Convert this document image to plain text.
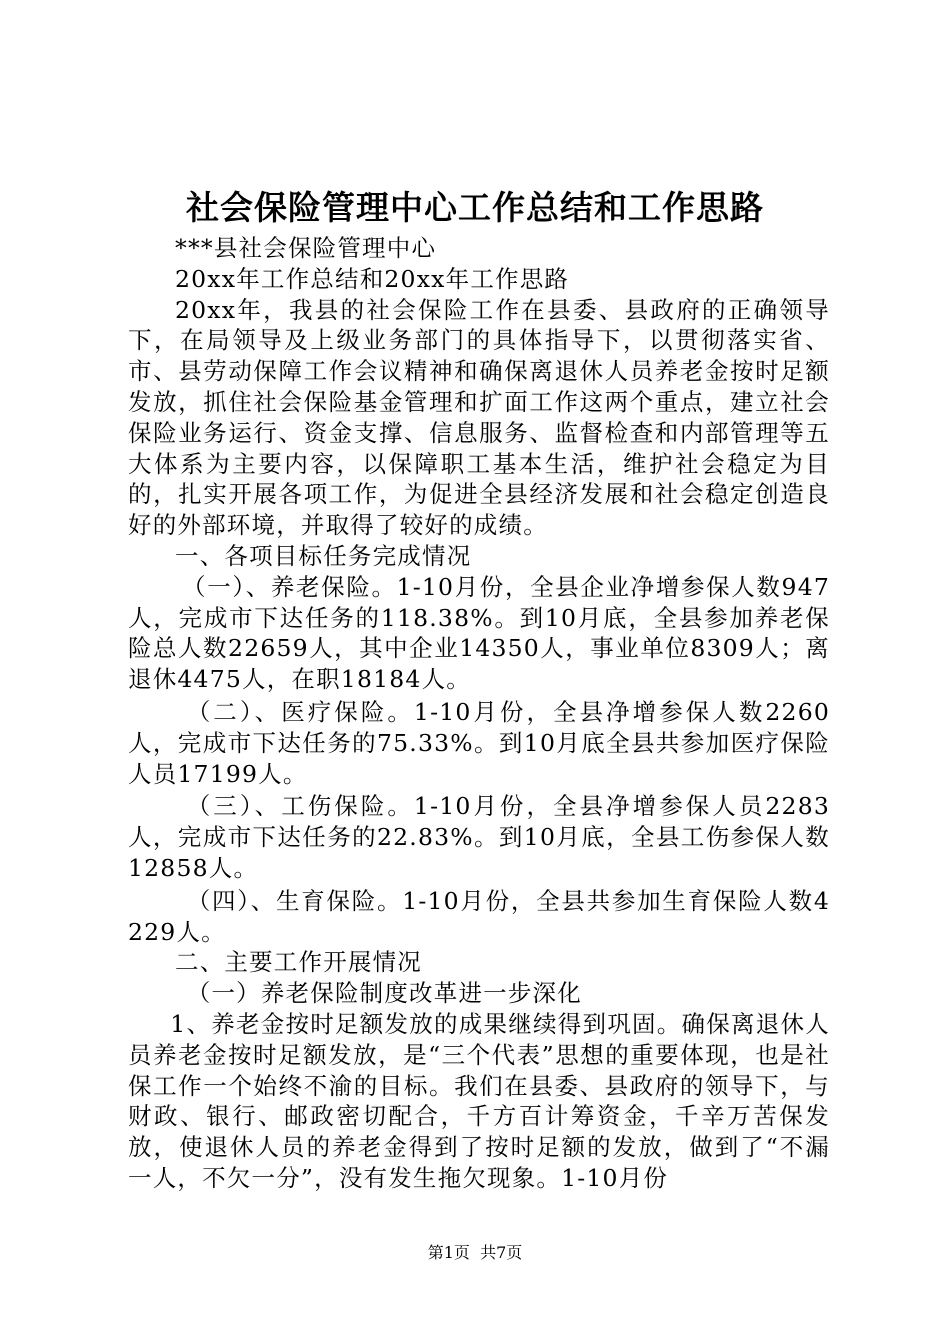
社会保险管理中心工作总结和工作思路

***县社会保险管理中心

20xx年工作总结和20xx年工作思路

20xx年，我县的社会保险工作在县委、县政府的正确领导下，在局领导及上级业务部门的具体指导下，以贯彻落实省、市、县劳动保障工作会议精神和确保离退休人员养老金按时足额发放，抓住社会保险基金管理和扩面工作这两个重点，建立社会保险业务运行、资金支撑、信息服务、监督检查和内部管理等五大体系为主要内容，以保障职工基本生活，维护社会稳定为目的，扎实开展各项工作，为促进全县经济发展和社会稳定创造良好的外部环境，并取得了较好的成绩。

一、各项目标任务完成情况

（一）、养老保险。1-10月份，全县企业净增参保人数947人，完成市下达任务的118.38%。到10月底，全县参加养老保险总人数22659人，其中企业14350人，事业单位8309人；离退休4475人，在职18184人。

（二）、医疗保险。1-10月份，全县净增参保人数2260人，完成市下达任务的75.33%。到10月底全县共参加医疗保险人员17199人。

（三）、工伤保险。1-10月份，全县净增参保人员2283人，完成市下达任务的22.83%。到10月底，全县工伤参保人数12858人。

（四）、生育保险。1-10月份，全县共参加生育保险人数4229人。

二、主要工作开展情况

（一）养老保险制度改革进一步深化

1、养老金按时足额发放的成果继续得到巩固。确保离退休人员养老金按时足额发放，是“三个代表”思想的重要体现，也是社保工作一个始终不渝的目标。我们在县委、县政府的领导下，与财政、银行、邮政密切配合，千方百计筹资金，千辛万苦保发放，使退休人员的养老金得到了按时足额的发放，做到了“不漏一人，不欠一分”，没有发生拖欠现象。1-10月份

第1页  共7页
